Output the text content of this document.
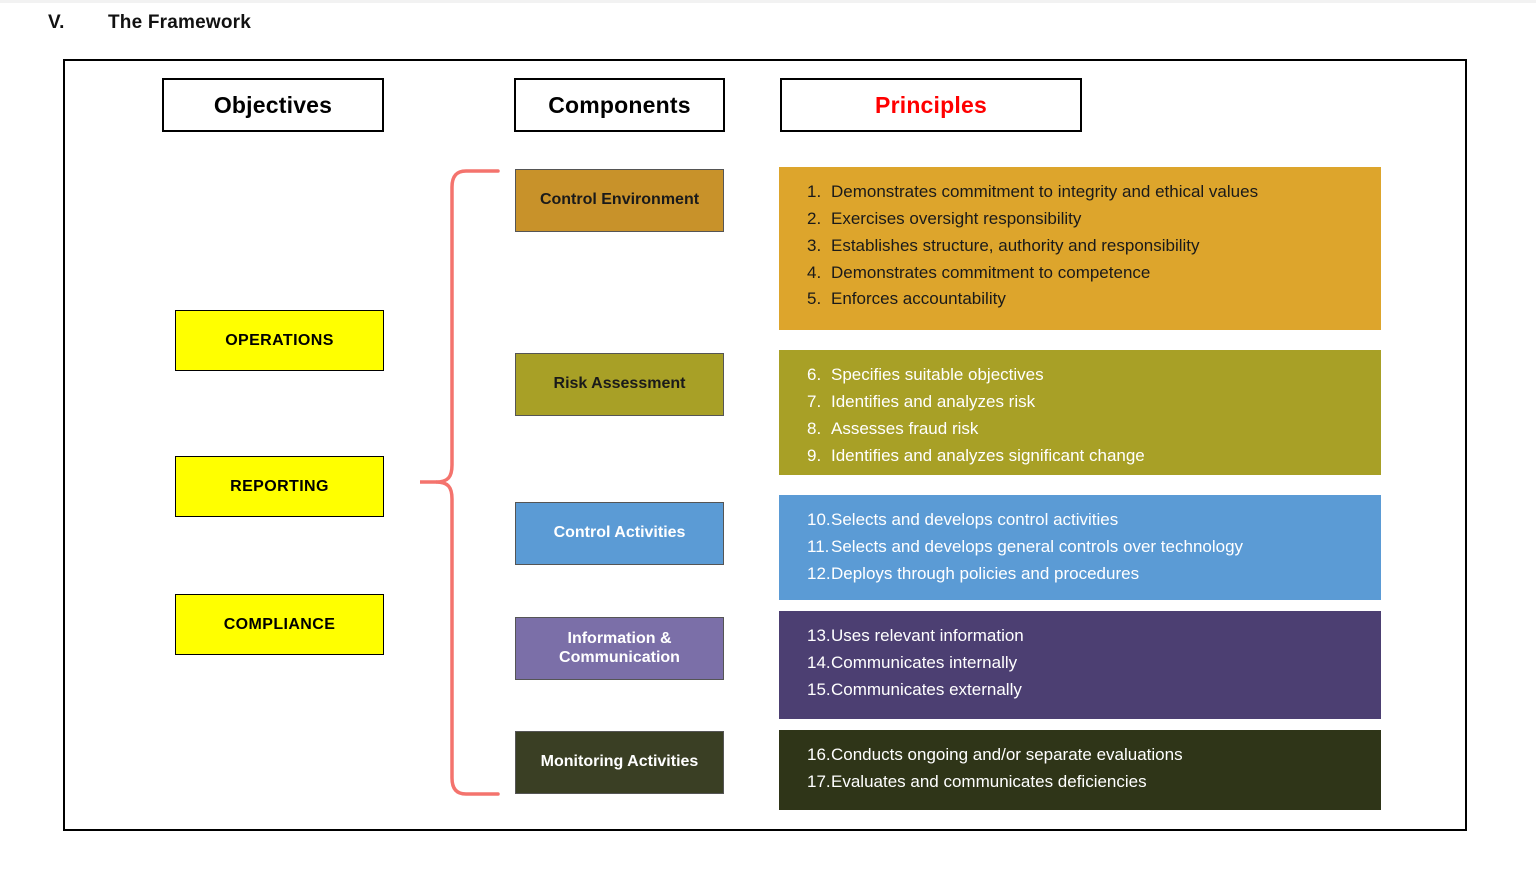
V. The Framework
Objectives	Components	Principles
OPERATIONS
REPORTING
COMPLIANCE
Control Environment
Risk Assessment
Control Activities
Information & Communication
Monitoring Activities
1. Demonstrates commitment to integrity and ethical values
2. Exercises oversight responsibility
3. Establishes structure, authority and responsibility
4. Demonstrates commitment to competence
5. Enforces accountability
6. Specifies suitable objectives
7. Identifies and analyzes risk
8. Assesses fraud risk
9. Identifies and analyzes significant change
10. Selects and develops control activities
11. Selects and develops general controls over technology
12. Deploys through policies and procedures
13. Uses relevant information
14. Communicates internally
15. Communicates externally
16. Conducts ongoing and/or separate evaluations
17. Evaluates and communicates deficiencies
